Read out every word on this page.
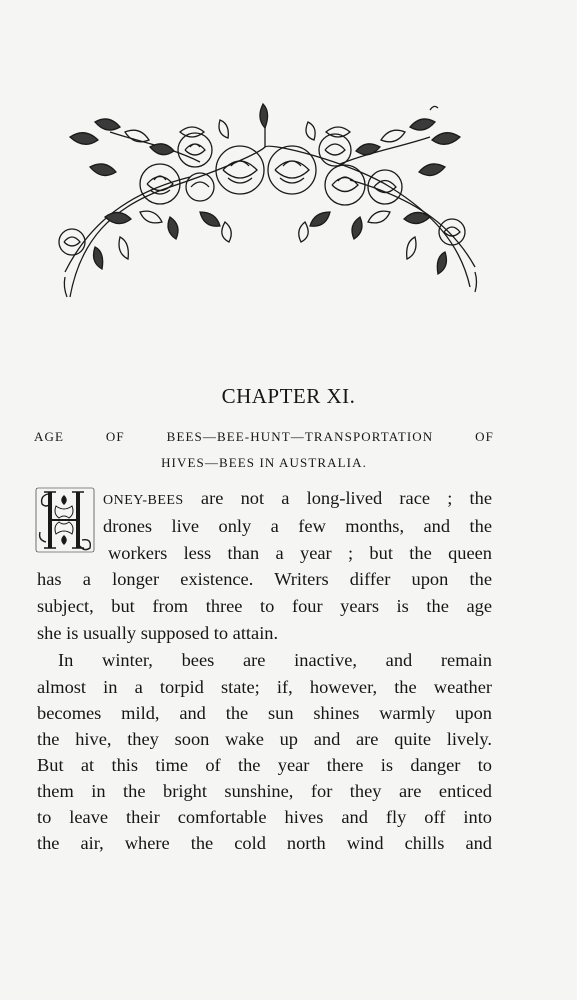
CHAPTER XI.
AGE OF BEES—BEE-HUNT—TRANSPORTATION OF
HIVES—BEES IN AUSTRALIA.
ONEY-BEES are not a long-lived race ; the
drones live only a few months, and the
workers less than a year ; but the queen
has a longer existence. Writers differ upon the
subject, but from three to four years is the age
she is usually supposed to attain.
In winter, bees are inactive, and remain
almost in a torpid state; if, however, the weather
becomes mild, and the sun shines warmly upon
the hive, they soon wake up and are quite lively.
But at this time of the year there is danger to
them in the bright sunshine, for they are enticed
to leave their comfortable hives and fly off into
the air, where the cold north wind chills and
